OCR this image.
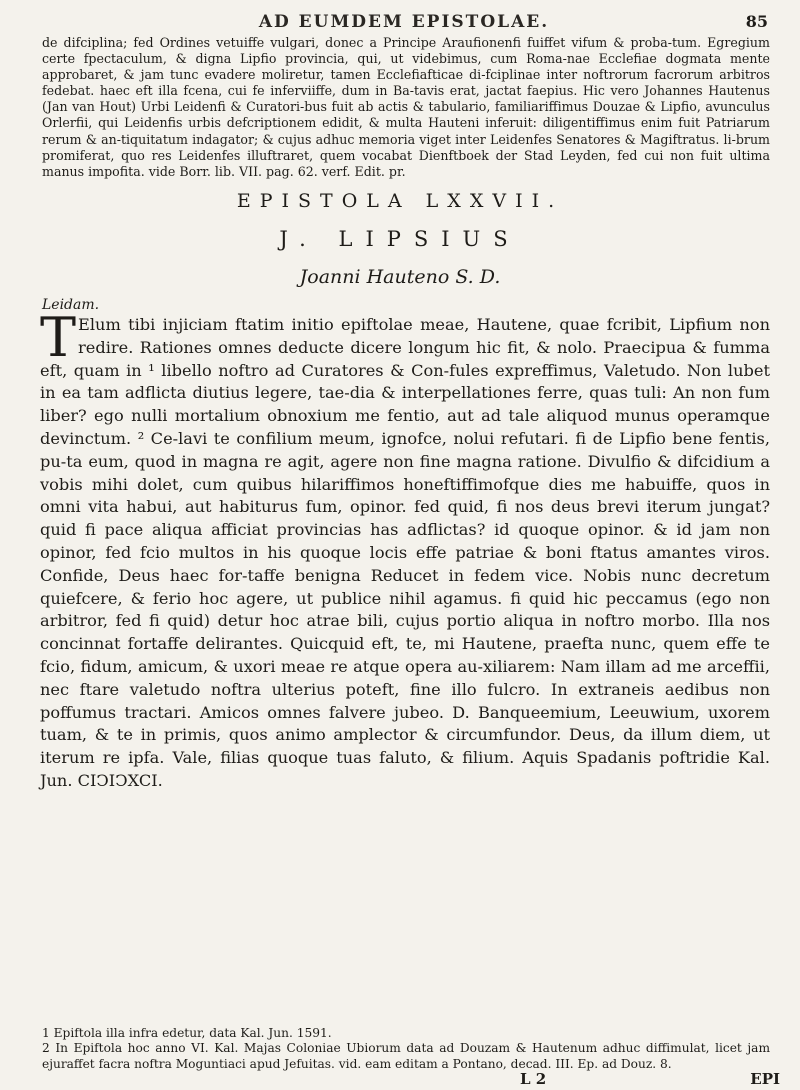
AD EUMDEM EPISTOLAE.	85
de difciplina; fed Ordines vetuiffe vulgari, donec a Principe Araufionenfi fuiffet vifum & proba-tum. Egregium certe fpectaculum, & digna Lipfio provincia, qui, ut videbimus, cum Roma-nae Ecclefiae dogmata mente approbaret, & jam tunc evadere moliretur, tamen Ecclefiafticae di-fciplinae inter noftrorum facrorum arbitros fedebat. haec eft illa fcena, cui fe inferviiffe, dum in Ba-tavis erat, jactat faepius. Hic vero Johannes Hautenus (Jan van Hout) Urbi Leidenfi & Curatori-bus fuit ab actis & tabulario, familiariffimus Douzae & Lipfio, avunculus Orlerfii, qui Leidenfis urbis defcriptionem edidit, & multa Hauteni inferuit: diligentiffimus enim fuit Patriarum rerum & an-tiquitatum indagator; & cujus adhuc memoria viget inter Leidenfes Senatores & Magiftratus. li-brum promiferat, quo res Leidenfes illuftraret, quem vocabat Dienftboek der Stad Leyden, fed cui non fuit ultima manus impofita. vide Borr. lib. VII. pag. 62. verf. Edit. pr.
EPISTOLA LXXVII.
J. LIPSIUS
Joanni Hauteno S. D.
Leidam.
T Elum tibi injiciam ftatim initio epiftolae meae, Hautene, quae fcribit, Lipfium non redire. Rationes omnes deducte dicere longum hic fit, & nolo. Praecipua & fumma eft, quam in ¹ libello noftro ad Curatores & Con-fules expreffimus, Valetudo. Non lubet in ea tam adflicta diutius legere, tae-dia & interpellationes ferre, quas tuli: An non fum liber? ego nulli mortalium obnoxium me fentio, aut ad tale aliquod munus operamque devinctum. ² Ce-lavi te confilium meum, ignofce, nolui refutari. fi de Lipfio bene fentis, pu-ta eum, quod in magna re agit, agere non fine magna ratione. Divulfio & difcidium a vobis mihi dolet, cum quibus hilariffimos honeftiffimofque dies me habuiffe, quos in omni vita habui, aut habiturus fum, opinor. fed quid, fi nos deus brevi iterum jungat? quid fi pace aliqua afficiat provincias has adflictas? id quoque opinor. & id jam non opinor, fed fcio multos in his quoque locis effe patriae & boni ftatus amantes viros. Confide, Deus haec for-taffe benigna Reducet in fedem vice. Nobis nunc decretum quiefcere, & ferio hoc agere, ut publice nihil agamus. fi quid hic peccamus (ego non arbitror, fed fi quid) detur hoc atrae bili, cujus portio aliqua in noftro morbo. Illa nos concinnat fortaffe delirantes. Quicquid eft, te, mi Hautene, praefta nunc, quem effe te fcio, fidum, amicum, & uxori meae re atque opera au-xiliarem: Nam illam ad me arceffii, nec ftare valetudo noftra ulterius poteft, fine illo fulcro. In extraneis aedibus non poffumus tractari. Amicos omnes falvere jubeo. D. Banqueemium, Leeuwium, uxorem tuam, & te in primis, quos animo amplector & circumfundor. Deus, da illum diem, ut iterum re ipfa. Vale, filias quoque tuas faluto, & filium. Aquis Spadanis poftridie Kal. Jun. CIↃIↃXCI.

1 Epiftola illa infra edetur, data Kal. Jun. 1591.

2 In Epiftola hoc anno VI. Kal. Majas Coloniae Ubiorum data ad Douzam & Hautenum adhuc diffimulat, licet jam ejuraffet facra noftra Moguntiaci apud Jefuitas. vid. eam editam a Pontano, decad. III. Ep. ad Douz. 8.

L 2	EPI
